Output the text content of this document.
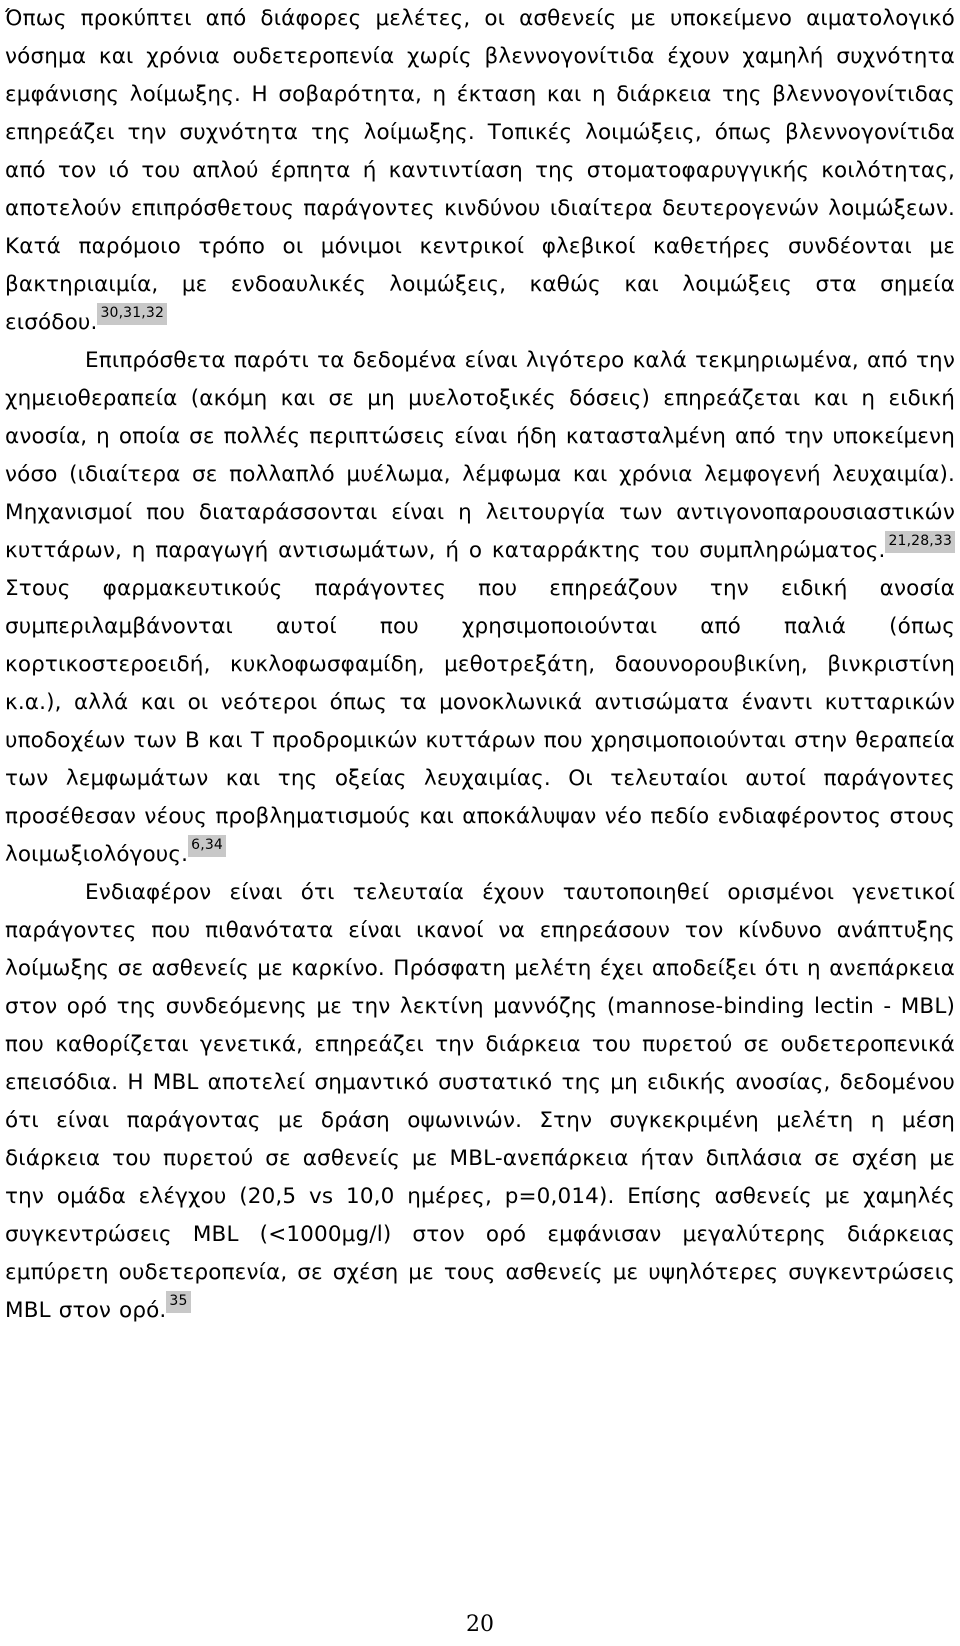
Όπως προκύπτει από διάφορες μελέτες, οι ασθενείς με υποκείμενο αιματολογικό νόσημα και χρόνια ουδετεροπενία χωρίς βλεννογονίτιδα έχουν χαμηλή συχνότητα εμφάνισης λοίμωξης. Η σοβαρότητα, η έκταση και η διάρκεια της βλεννογονίτιδας επηρεάζει την συχνότητα της λοίμωξης. Τοπικές λοιμώξεις, όπως βλεννογονίτιδα από τον ιό του απλού έρπητα ή καντιντίαση της στοματοφαρυγγικής κοιλότητας, αποτελούν επιπρόσθετους παράγοντες κινδύνου ιδιαίτερα δευτερογενών λοιμώξεων. Κατά παρόμοιο τρόπο οι μόνιμοι κεντρικοί φλεβικοί καθετήρες συνδέονται με βακτηριαιμία, με ενδοαυλικές λοιμώξεις, καθώς και λοιμώξεις στα σημεία εισόδου. $^{30,31,32}$

Επιπρόσθετα παρότι τα δεδομένα είναι λιγότερο καλά τεκμηριωμένα, από την χημειοθεραπεία (ακόμη και σε μη μυελοτοξικές δόσεις) επηρεάζεται και η ειδική ανοσία, η οποία σε πολλές περιπτώσεις είναι ήδη κατασταλμένη από την υποκείμενη νόσο (ιδιαίτερα σε πολλαπλό μυέλωμα, λέμφωμα και χρόνια λεμφογενή λευχαιμία). Μηχανισμοί που διαταράσσονται είναι η λειτουργία των αντιγονοπαρουσιαστικών κυττάρων, η παραγωγή αντισωμάτων, ή ο καταρράκτης του συμπληρώματος. $^{21,28,33}$ Στους φαρμακευτικούς παράγοντες που επηρεάζουν την ειδική ανοσία συμπεριλαμβάνονται αυτοί που χρησιμοποιούνται από παλιά (όπως κορτικοστεροειδή, κυκλοφωσφαμίδη, μεθοτρεξάτη, δαουνορουβικίνη, βινκριστίνη κ.α.), αλλά και οι νεότεροι όπως τα μονοκλωνικά αντισώματα έναντι κυτταρικών υποδοχέων των Β και Τ προδρομικών κυττάρων που χρησιμοποιούνται στην θεραπεία των λεμφωμάτων και της οξείας λευχαιμίας. Οι τελευταίοι αυτοί παράγοντες προσέθεσαν νέους προβληματισμούς και αποκάλυψαν νέο πεδίο ενδιαφέροντος στους λοιμωξιολόγους. $^{6,34}$

Ενδιαφέρον είναι ότι τελευταία έχουν ταυτοποιηθεί ορισμένοι γενετικοί παράγοντες που πιθανότατα είναι ικανοί να επηρεάσουν τον κίνδυνο ανάπτυξης λοίμωξης σε ασθενείς με καρκίνο. Πρόσφατη μελέτη έχει αποδείξει ότι η ανεπάρκεια στον ορό της συνδεόμενης με την λεκτίνη μαννόζης (mannose-binding lectin - MBL) που καθορίζεται γενετικά, επηρεάζει την διάρκεια του πυρετού σε ουδετεροπενικά επεισόδια. Η MBL αποτελεί σημαντικό συστατικό της μη ειδικής ανοσίας, δεδομένου ότι είναι παράγοντας με δράση οψωνινών. Στην συγκεκριμένη μελέτη η μέση διάρκεια του πυρετού σε ασθενείς με MBL-ανεπάρκεια ήταν διπλάσια σε σχέση με την ομάδα ελέγχου (20,5 vs 10,0 ημέρες, p=0,014). Επίσης ασθενείς με χαμηλές συγκεντρώσεις MBL (<1000μg/l) στον ορό εμφάνισαν μεγαλύτερης διάρκειας εμπύρετη ουδετεροπενία, σε σχέση με τους ασθενείς με υψηλότερες συγκεντρώσεις MBL στον ορό. $^{35}$

20
